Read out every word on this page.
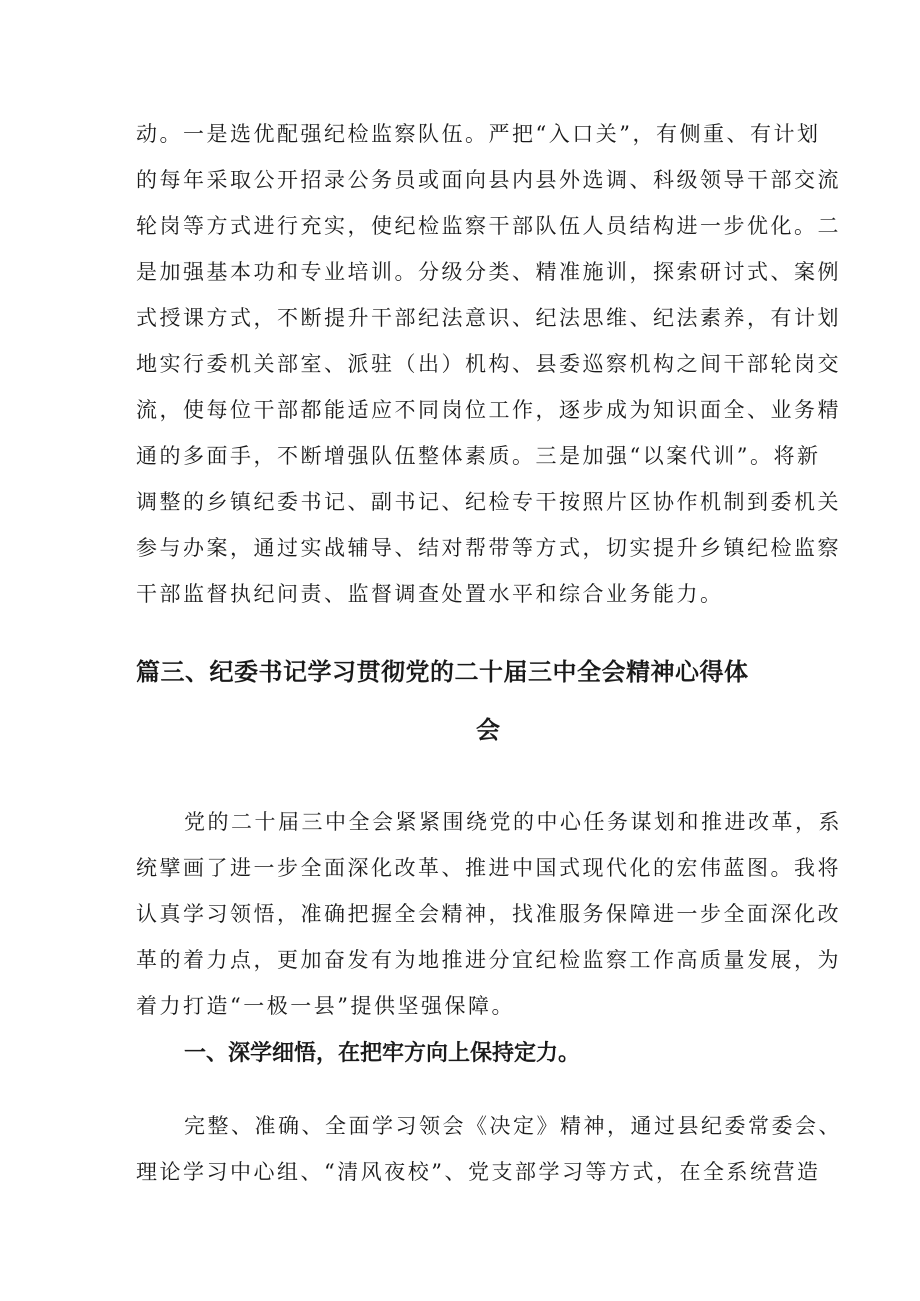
动。一是选优配强纪检监察队伍。严把“入口关”，有侧重、有计划

的每年采取公开招录公务员或面向县内县外选调、科级领导干部交流

轮岗等方式进行充实，使纪检监察干部队伍人员结构进一步优化。二

是加强基本功和专业培训。分级分类、精准施训，探索研讨式、案例

式授课方式，不断提升干部纪法意识、纪法思维、纪法素养，有计划

地实行委机关部室、派驻（出）机构、县委巡察机构之间干部轮岗交

流，使每位干部都能适应不同岗位工作，逐步成为知识面全、业务精

通的多面手，不断增强队伍整体素质。三是加强“以案代训”。将新

调整的乡镇纪委书记、副书记、纪检专干按照片区协作机制到委机关

参与办案，通过实战辅导、结对帮带等方式，切实提升乡镇纪检监察

干部监督执纪问责、监督调查处置水平和综合业务能力。

篇三、纪委书记学习贯彻党的二十届三中全会精神心得体
会

党的二十届三中全会紧紧围绕党的中心任务谋划和推进改革，系

统擘画了进一步全面深化改革、推进中国式现代化的宏伟蓝图。我将

认真学习领悟，准确把握全会精神，找准服务保障进一步全面深化改

革的着力点，更加奋发有为地推进分宜纪检监察工作高质量发展，为

着力打造“一极一县”提供坚强保障。

一、深学细悟，在把牢方向上保持定力。

完整、准确、全面学习领会《决定》精神，通过县纪委常委会、

理论学习中心组、“清风夜校”、党支部学习等方式，在全系统营造
